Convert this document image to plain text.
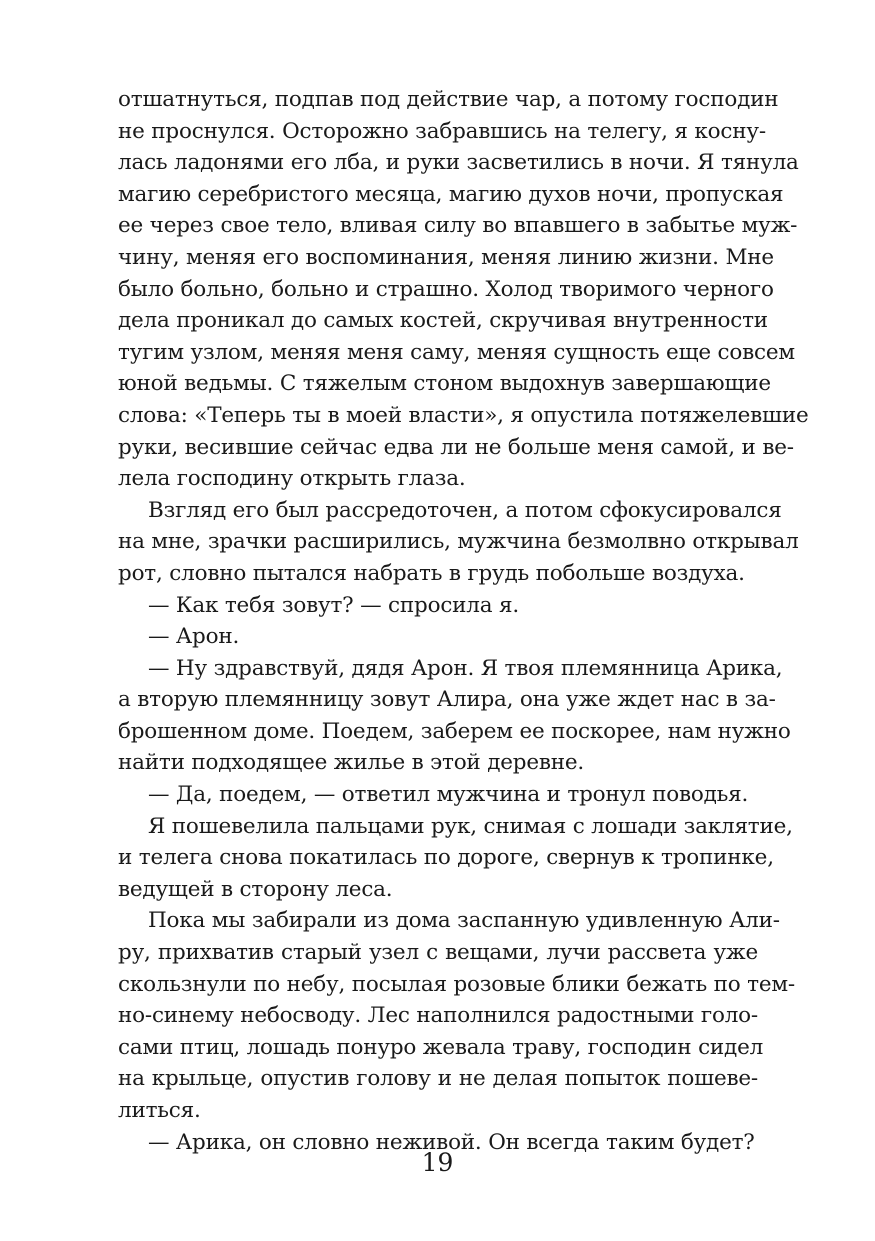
отшатнуться, подпав под действие чар, а потому господин
не проснулся. Осторожно забравшись на телегу, я косну-
лась ладонями его лба, и руки засветились в ночи. Я тянула
магию серебристого месяца, магию духов ночи, пропуская
ее через свое тело, вливая силу во впавшего в забытье муж-
чину, меняя его воспоминания, меняя линию жизни. Мне
было больно, больно и страшно. Холод творимого черного
дела проникал до самых костей, скручивая внутренности
тугим узлом, меняя меня саму, меняя сущность еще совсем
юной ведьмы. С тяжелым стоном выдохнув завершающие
слова: «Теперь ты в моей власти», я опустила потяжелевшие
руки, весившие сейчас едва ли не больше меня самой, и ве-
лела господину открыть глаза.
Взгляд его был рассредоточен, а потом сфокусировался
на мне, зрачки расширились, мужчина безмолвно открывал
рот, словно пытался набрать в грудь побольше воздуха.
— Как тебя зовут? — спросила я.
— Арон.
— Ну здравствуй, дядя Арон. Я твоя племянница Арика,
а вторую племянницу зовут Алира, она уже ждет нас в за-
брошенном доме. Поедем, заберем ее поскорее, нам нужно
найти подходящее жилье в этой деревне.
— Да, поедем, — ответил мужчина и тронул поводья.
Я пошевелила пальцами рук, снимая с лошади заклятие,
и телега снова покатилась по дороге, свернув к тропинке,
ведущей в сторону леса.
Пока мы забирали из дома заспанную удивленную Али-
ру, прихватив старый узел с вещами, лучи рассвета уже
скользнули по небу, посылая розовые блики бежать по тем-
но-синему небосводу. Лес наполнился радостными голо-
сами птиц, лошадь понуро жевала траву, господин сидел
на крыльце, опустив голову и не делая попыток пошеве-
литься.
— Арика, он словно неживой. Он всегда таким будет?
19
